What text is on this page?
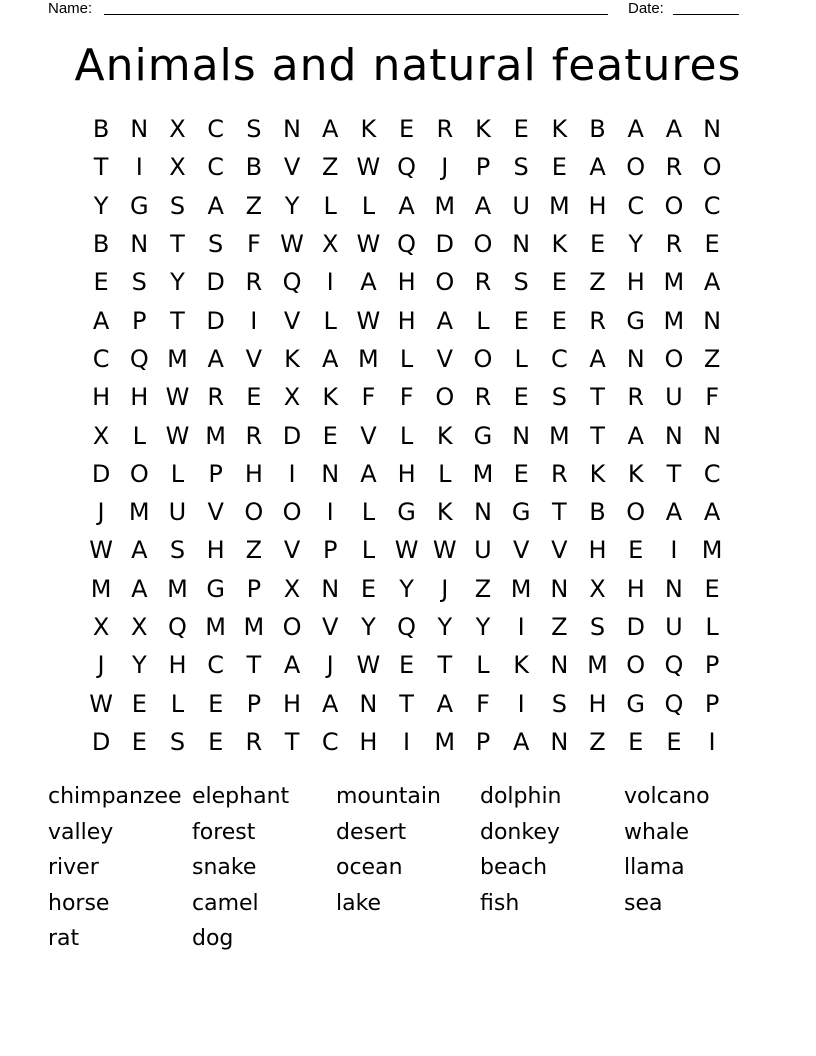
Name:	Date:
Animals and natural features
B N X C S N A K E R K E K B A A N
T	I	X C B V Z W Q	J	P S E A O R O
Y G S A Z Y	L	L A M A U M H C O C
B N T S F W X W Q D O N K E Y R E
E S Y D R Q	I	A H O R S E Z H M A
A P T D	I	V L W H A L E E R G M N
C Q M A V K A M L V O L C A N O Z
H H W R E X K F	F O R E S T R U F
X L W M R D E V L K G N M T A N N
D O L	P H	I	N A H L M E R K K T C
J	M U V O O	I	L G K N G T B O A A
W A S H Z V P	L W W U V V H E	I	M
M A M G P X N E Y	J	Z M N X H N E
X X Q M M O V Y Q Y Y	I	Z S D U L
J	Y H C T A	J W E T	L K N M O Q P
W E L E P H A N T A F	I	S H G Q P
D E S E R T C H	I	M P A N Z E E	I
chimpanzee elephant	mountain	dolphin	volcano
valley	forest	desert	donkey	whale
river	snake	ocean	beach	llama
horse	camel	lake	fish	sea
rat	dog
